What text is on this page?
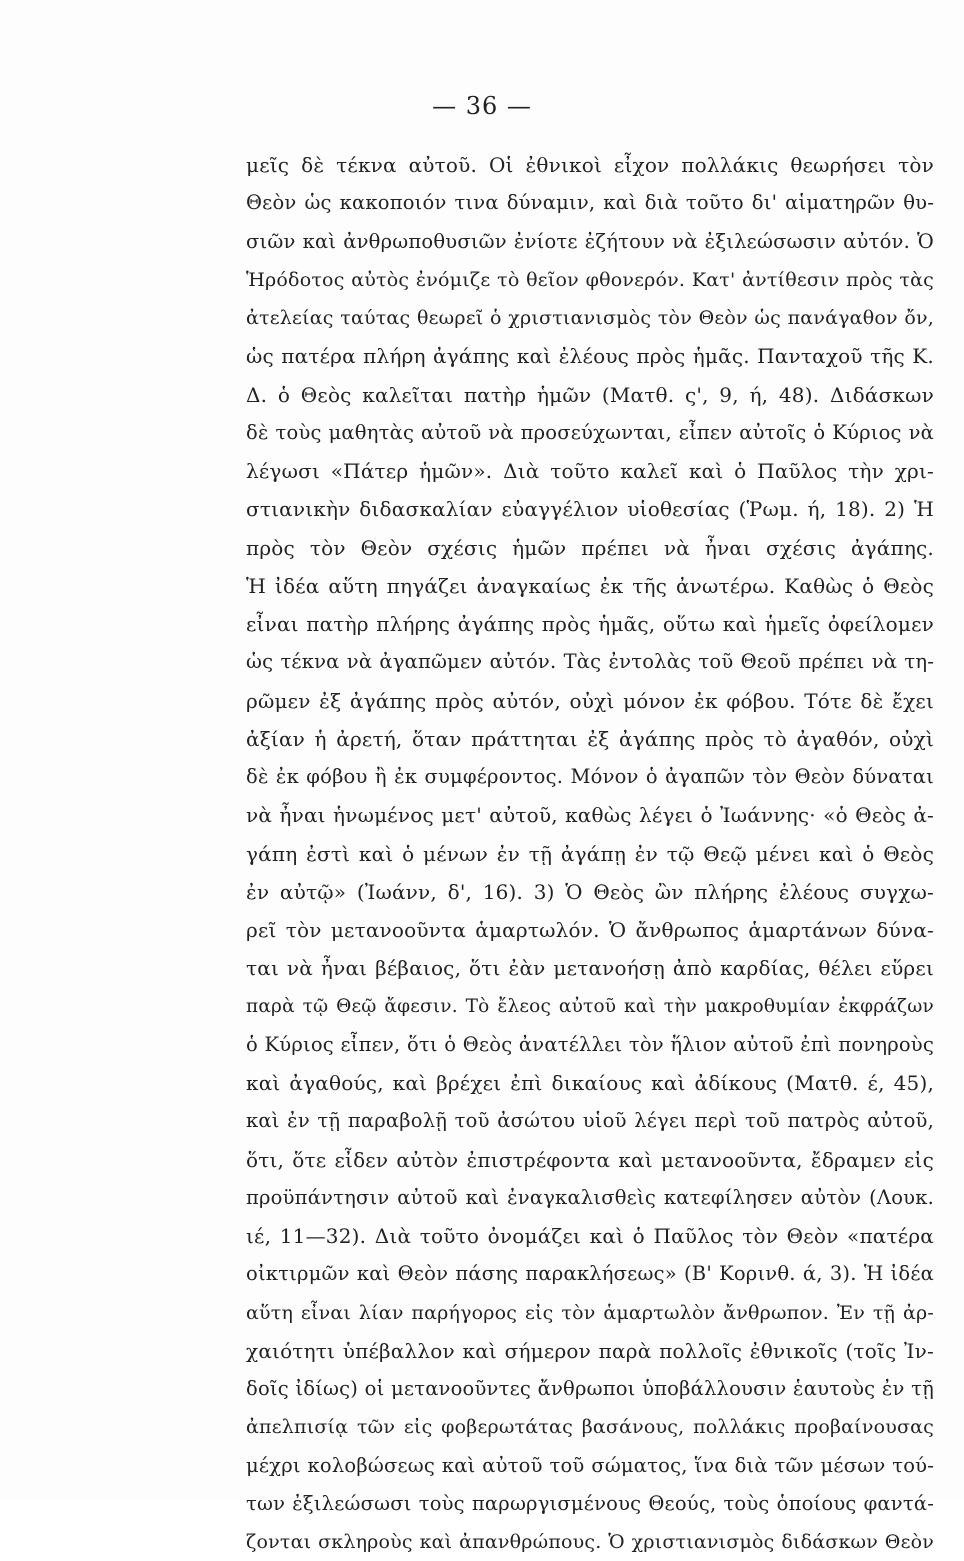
— 36 —
μεῖς δὲ τέκνα αὐτοῦ. Οἱ ἐθνικοὶ εἶχον πολλάκις θεωρήσει τὸν
Θεὸν ὡς κακοποιόν τινα δύναμιν, καὶ διὰ τοῦτο δι' αἱματηρῶν θυ-
σιῶν καὶ ἀνθρωποθυσιῶν ἐνίοτε ἐζήτουν νὰ ἐξιλεώσωσιν αὐτόν. Ὁ
Ἡρόδοτος αὐτὸς ἐνόμιζε τὸ θεῖον φθονερόν. Κατ' ἀντίθεσιν πρὸς τὰς
ἀτελείας ταύτας θεωρεῖ ὁ χριστιανισμὸς τὸν Θεὸν ὡς πανάγαθον ὄν,
ὡς πατέρα πλήρη ἀγάπης καὶ ἐλέους πρὸς ἡμᾶς. Πανταχοῦ τῆς Κ.
Δ. ὁ Θεὸς καλεῖται πατὴρ ἡμῶν (Ματθ. ς', 9, ή, 48). Διδάσκων
δὲ τοὺς μαθητὰς αὐτοῦ νὰ προσεύχωνται, εἶπεν αὐτοῖς ὁ Κύριος νὰ
λέγωσι «Πάτερ ἡμῶν». Διὰ τοῦτο καλεῖ καὶ ὁ Παῦλος τὴν χρι-
στιανικὴν διδασκαλίαν εὐαγγέλιον υἱοθεσίας (Ῥωμ. ή, 18). 2) Ἡ
πρὸς τὸν Θεὸν σχέσις ἡμῶν πρέπει νὰ ἦναι σχέσις ἀγάπης.
Ἡ ἰδέα αὕτη πηγάζει ἀναγκαίως ἐκ τῆς ἀνωτέρω. Καθὼς ὁ Θεὸς
εἶναι πατὴρ πλήρης ἀγάπης πρὸς ἡμᾶς, οὕτω καὶ ἡμεῖς ὀφείλομεν
ὡς τέκνα νὰ ἀγαπῶμεν αὐτόν. Τὰς ἐντολὰς τοῦ Θεοῦ πρέπει νὰ τη-
ρῶμεν ἐξ ἀγάπης πρὸς αὐτόν, οὐχὶ μόνον ἐκ φόβου. Τότε δὲ ἔχει
ἀξίαν ἡ ἀρετή, ὅταν πράττηται ἐξ ἀγάπης πρὸς τὸ ἀγαθόν, οὐχὶ
δὲ ἐκ φόβου ἢ ἐκ συμφέροντος. Μόνον ὁ ἀγαπῶν τὸν Θεὸν δύναται
νὰ ἦναι ἡνωμένος μετ' αὐτοῦ, καθὼς λέγει ὁ Ἰωάννης· «ὁ Θεὸς ἀ-
γάπη ἐστὶ καὶ ὁ μένων ἐν τῇ ἀγάπῃ ἐν τῷ Θεῷ μένει καὶ ὁ Θεὸς
ἐν αὐτῷ» (Ἰωάνν, δ', 16). 3) Ὁ Θεὸς ὢν πλήρης ἐλέους συγχω-
ρεῖ τὸν μετανοοῦντα ἁμαρτωλόν. Ὁ ἄνθρωπος ἁμαρτάνων δύνα-
ται νὰ ἦναι βέβαιος, ὅτι ἐὰν μετανοήσῃ ἀπὸ καρδίας, θέλει εὕρει
παρὰ τῷ Θεῷ ἄφεσιν. Τὸ ἔλεος αὐτοῦ καὶ τὴν μακροθυμίαν ἐκφράζων
ὁ Κύριος εἶπεν, ὅτι ὁ Θεὸς ἀνατέλλει τὸν ἥλιον αὐτοῦ ἐπὶ πονηροὺς
καὶ ἀγαθούς, καὶ βρέχει ἐπὶ δικαίους καὶ ἀδίκους (Ματθ. έ, 45),
καὶ ἐν τῇ παραβολῇ τοῦ ἀσώτου υἱοῦ λέγει περὶ τοῦ πατρὸς αὐτοῦ,
ὅτι, ὅτε εἶδεν αὐτὸν ἐπιστρέφοντα καὶ μετανοοῦντα, ἔδραμεν εἰς
προϋπάντησιν αὐτοῦ καὶ ἐναγκαλισθεὶς κατεφίλησεν αὐτὸν (Λουκ.
ιέ, 11—32). Διὰ τοῦτο ὀνομάζει καὶ ὁ Παῦλος τὸν Θεὸν «πατέρα
οἰκτιρμῶν καὶ Θεὸν πάσης παρακλήσεως» (Β' Κορινθ. ά, 3). Ἡ ἰδέα
αὕτη εἶναι λίαν παρήγορος εἰς τὸν ἁμαρτωλὸν ἄνθρωπον. Ἐν τῇ ἀρ-
χαιότητι ὑπέβαλλον καὶ σήμερον παρὰ πολλοῖς ἐθνικοῖς (τοῖς Ἰν-
δοῖς ἰδίως) οἱ μετανοοῦντες ἄνθρωποι ὑποβάλλουσιν ἑαυτοὺς ἐν τῇ
ἀπελπισίᾳ τῶν εἰς φοβερωτάτας βασάνους, πολλάκις προβαίνουσας
μέχρι κολοβώσεως καὶ αὐτοῦ τοῦ σώματος, ἵνα διὰ τῶν μέσων τού-
των ἐξιλεώσωσι τοὺς παρωργισμένους Θεούς, τοὺς ὁποίους φαντά-
ζονται σκληροὺς καὶ ἀπανθρώπους. Ὁ χριστιανισμὸς διδάσκων Θεὸν
